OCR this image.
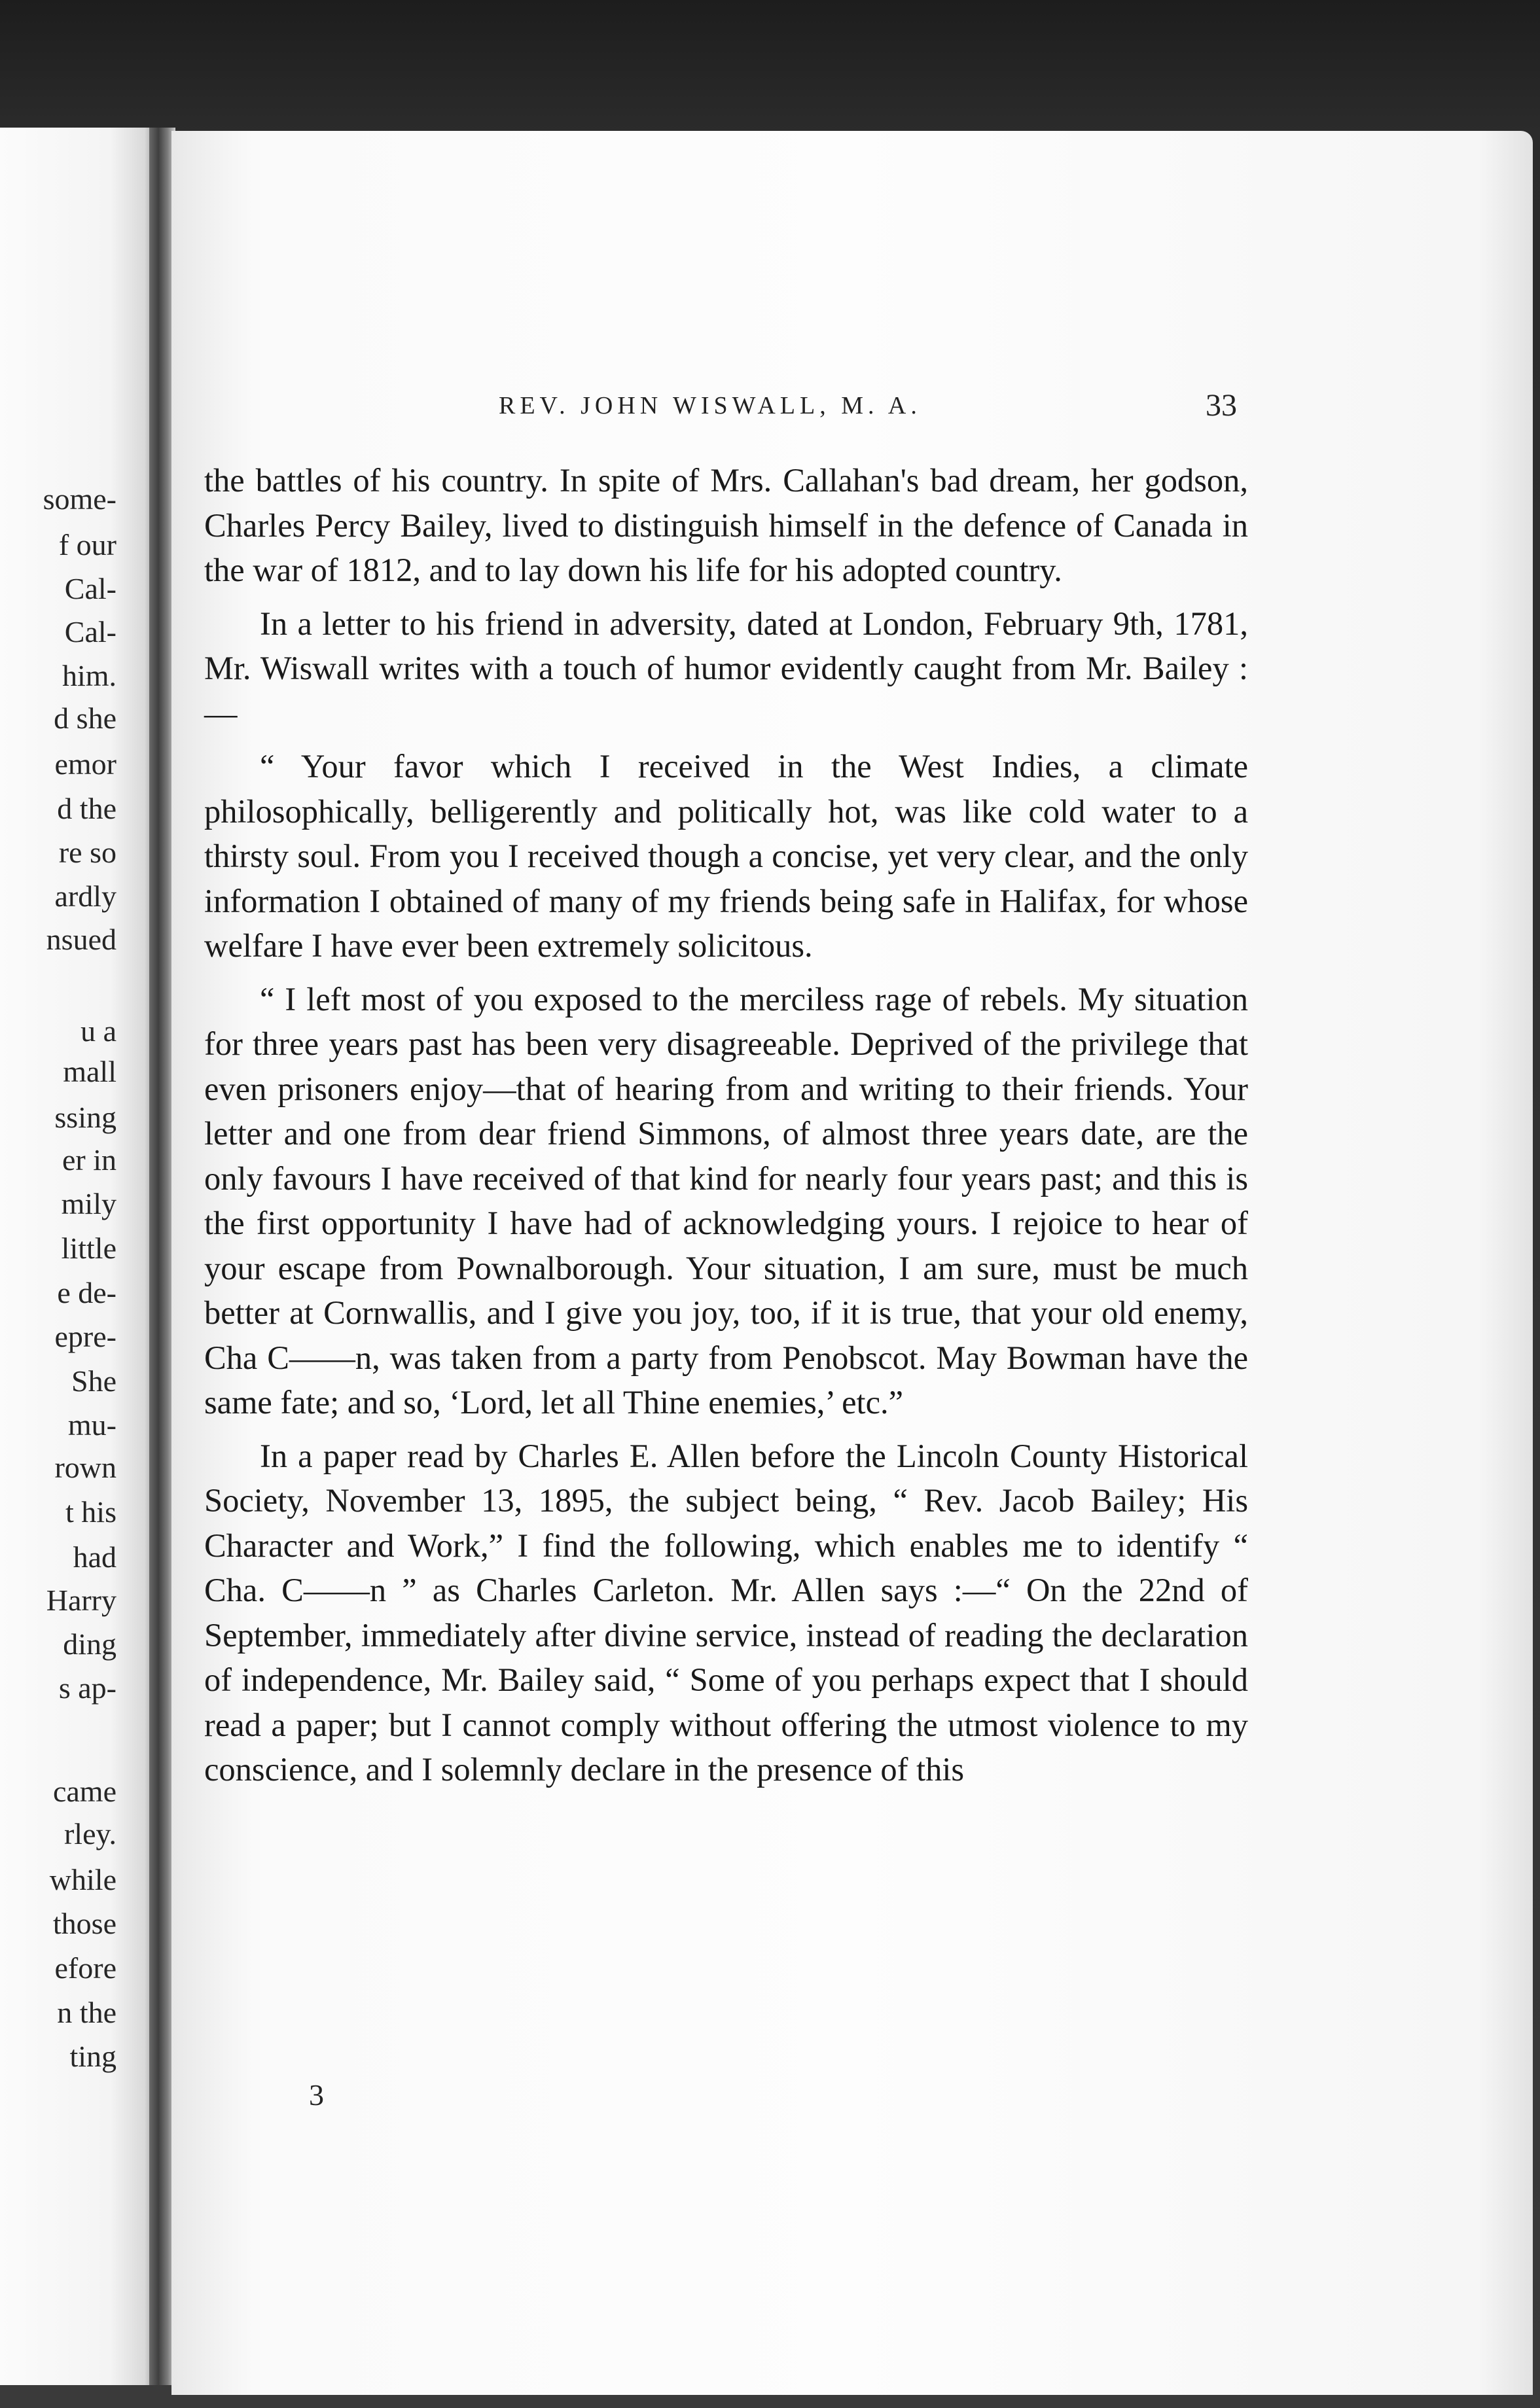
some-
f our
Cal-
Cal-
him.
d she
emor
d the
re so
ardly
nsued
u a
mall
ssing
er in
mily
little
e de-
epre-
She
mu-
rown
t his
had
Harry
ding
s ap-
came
rley.
while
those
efore
n the
ting
REV. JOHN WISWALL, M. A.	33

the battles of his country. In spite of Mrs. Callahan's bad dream, her godson, Charles Percy Bailey, lived to distinguish himself in the defence of Canada in the war of 1812, and to lay down his life for his adopted country.

In a letter to his friend in adversity, dated at London, February 9th, 1781, Mr. Wiswall writes with a touch of humor evidently caught from Mr. Bailey :—

“ Your favor which I received in the West Indies, a climate philosophically, belligerently and politically hot, was like cold water to a thirsty soul. From you I received though a concise, yet very clear, and the only information I obtained of many of my friends being safe in Halifax, for whose welfare I have ever been extremely solicitous.

“ I left most of you exposed to the merciless rage of rebels. My situation for three years past has been very disagreeable. Deprived of the privilege that even prisoners enjoy—that of hearing from and writing to their friends. Your letter and one from dear friend Simmons, of almost three years date, are the only favours I have received of that kind for nearly four years past; and this is the first opportunity I have had of acknowledging yours. I rejoice to hear of your escape from Pownalborough. Your situation, I am sure, must be much better at Cornwallis, and I give you joy, too, if it is true, that your old enemy, Cha C——n, was taken from a party from Penobscot. May Bowman have the same fate; and so, ‘Lord, let all Thine enemies,’ etc.”

In a paper read by Charles E. Allen before the Lincoln County Historical Society, November 13, 1895, the subject being, “ Rev. Jacob Bailey; His Character and Work,” I find the following, which enables me to identify “ Cha. C——n ” as Charles Carleton. Mr. Allen says :—“ On the 22nd of September, immediately after divine service, instead of reading the declaration of independence, Mr. Bailey said, “ Some of you perhaps expect that I should read a paper; but I cannot comply without offering the utmost violence to my conscience, and I solemnly declare in the presence of this

3
